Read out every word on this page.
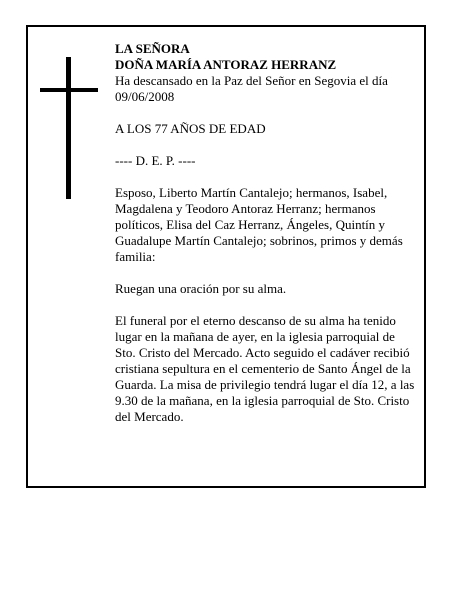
LA SEÑORA

DOÑA MARÍA ANTORAZ HERRANZ

Ha descansado en la Paz del Señor en Segovia el día 09/06/2008

A LOS 77 AÑOS DE EDAD

---- D. E. P. ----

Esposo, Liberto Martín Cantalejo; hermanos, Isabel, Magdalena y Teodoro Antoraz Herranz; hermanos políticos, Elisa del Caz Herranz, Ángeles, Quintín y Guadalupe Martín Cantalejo; sobrinos, primos y demás familia:

Ruegan una oración por su alma.

El funeral por el eterno descanso de su alma ha tenido lugar en la mañana de ayer, en la iglesia parroquial de Sto. Cristo del Mercado. Acto seguido el cadáver recibió cristiana sepultura en el cementerio de Santo Ángel de la Guarda. La misa de privilegio tendrá lugar el día 12, a las 9.30 de la mañana, en la iglesia parroquial de Sto. Cristo del Mercado.
